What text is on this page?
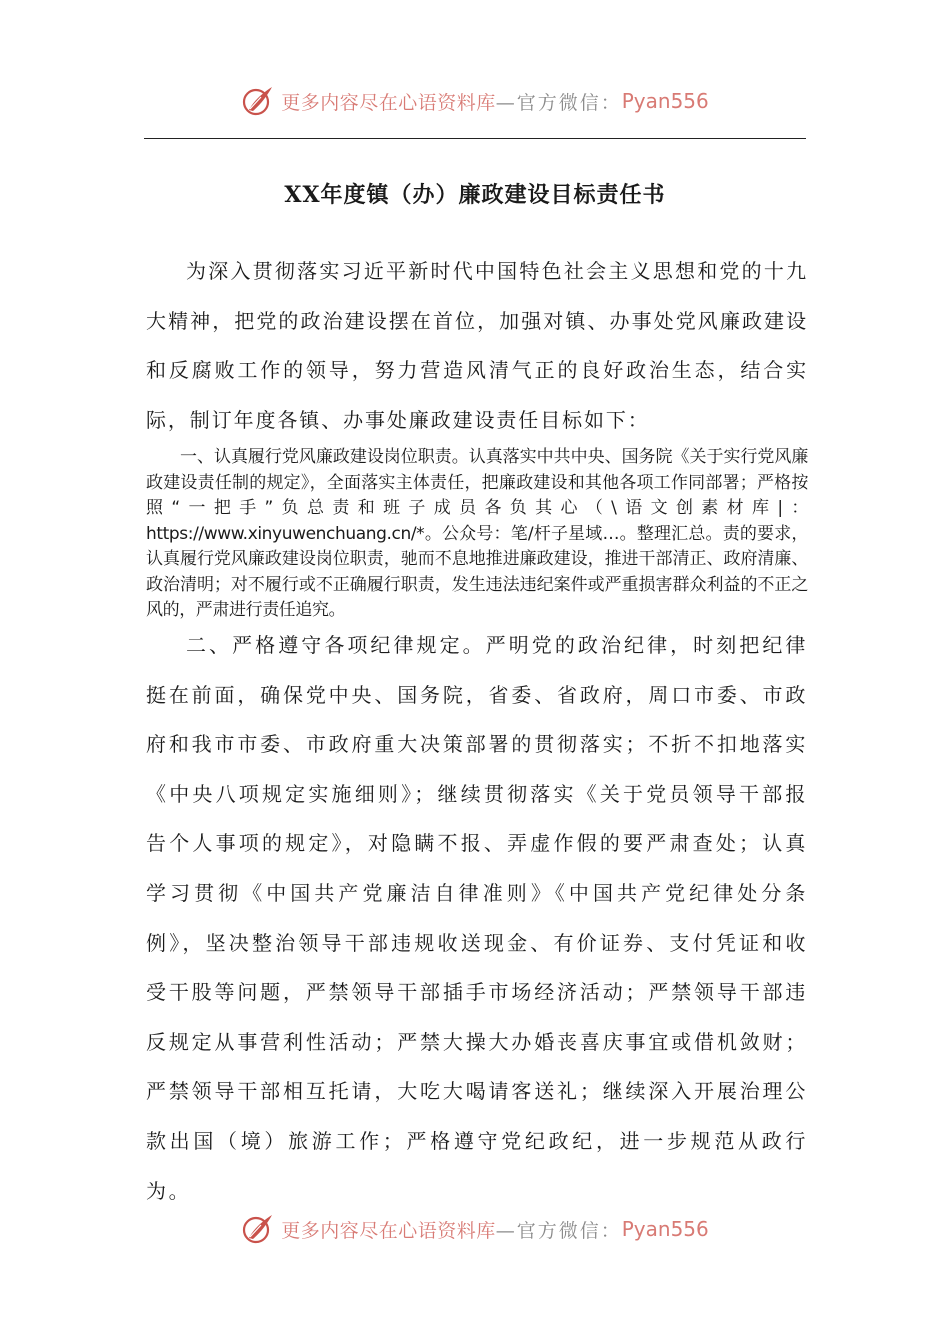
更多内容尽在心语资料库 —官方微信： Pyan556
XX年度镇（办）廉政建设目标责任书

为深入贯彻落实习近平新时代中国特色社会主义思想和党的十九大精神，把党的政治建设摆在首位，加强对镇、办事处党风廉政建设和反腐败工作的领导，努力营造风清气正的良好政治生态，结合实际，制订年度各镇、办事处廉政建设责任目标如下：

一、认真履行党风廉政建设岗位职责。认真落实中共中央、国务院《关于实行党风廉政建设责任制的规定》，全面落实主体责任，把廉政建设和其他各项工作同部署；严格按照“一把手”负总责和班子成员各负其心（\语文创素材库|：https://www.xinyuwenchuang.cn/*。公众号：笔/杆子星域…。整理汇总。责的要求，认真履行党风廉政建设岗位职责，驰而不息地推进廉政建设，推进干部清正、政府清廉、政治清明；对不履行或不正确履行职责，发生违法违纪案件或严重损害群众利益的不正之风的，严肃进行责任追究。

二、严格遵守各项纪律规定。严明党的政治纪律，时刻把纪律挺在前面，确保党中央、国务院，省委、省政府，周口市委、市政府和我市市委、市政府重大决策部署的贯彻落实；不折不扣地落实《中央八项规定实施细则》；继续贯彻落实《关于党员领导干部报告个人事项的规定》，对隐瞒不报、弄虚作假的要严肃查处；认真学习贯彻《中国共产党廉洁自律准则》《中国共产党纪律处分条例》，坚决整治领导干部违规收送现金、有价证券、支付凭证和收受干股等问题，严禁领导干部插手市场经济活动；严禁领导干部违反规定从事营利性活动；严禁大操大办婚丧喜庆事宜或借机敛财；严禁领导干部相互托请，大吃大喝请客送礼；继续深入开展治理公款出国（境）旅游工作；严格遵守党纪政纪，进一步规范从政行为。

更多内容尽在心语资料库 —官方微信： Pyan556
